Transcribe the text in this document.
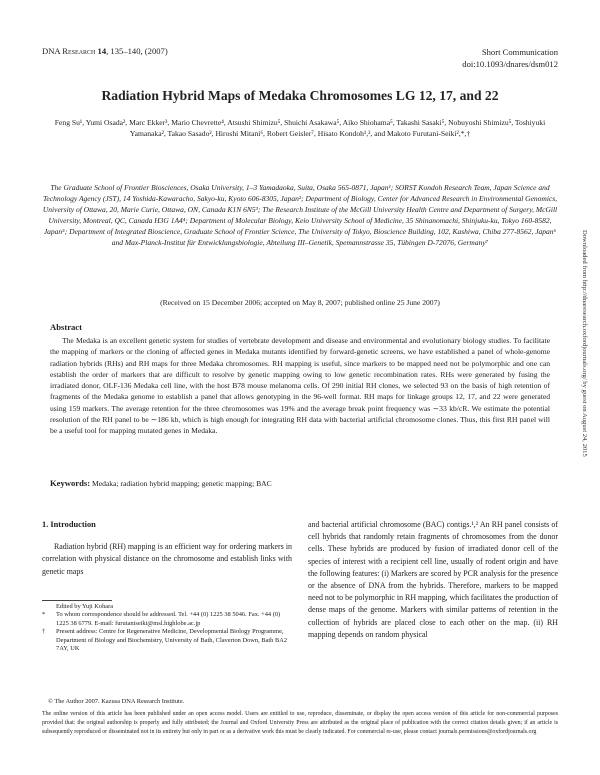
DNA Research 14, 135–140, (2007)	Short Communication
doi:10.1093/dnares/dsm012
Radiation Hybrid Maps of Medaka Chromosomes LG 12, 17, and 22
Feng Su¹, Yumi Osada², Marc Ekker³, Mario Chevrette⁴, Atsushi Shimizu⁵, Shuichi Asakawa⁵, Aiko Shiohama⁵, Takashi Sasaki⁵, Nobuyoshi Shimizu⁵, Toshiyuki Yamanaka², Takao Sasado², Hiroshi Mitani⁶, Robert Geisler⁷, Hisato Kondoh¹,², and Makoto Furutani-Seiki²,*,†
The Graduate School of Frontier Biosciences, Osaka University, 1–3 Yamadaoka, Suita, Osaka 565-0871, Japan¹; SORST Kondoh Research Team, Japan Science and Technology Agency (JST), 14 Yoshida-Kawaracho, Sakyo-ku, Kyoto 606-8305, Japan²; Department of Biology, Center for Advanced Research in Environmental Genomics, University of Ottawa, 20, Marie Curie, Ottawa, ON, Canada K1N 6N5³; The Research Institute of the McGill University Health Centre and Department of Surgery, McGill University, Montreal, QC, Canada H3G 1A4⁴; Department of Molecular Biology, Keio University School of Medicine, 35 Shinanomachi, Shinjuku-ku, Tokyo 160-8582, Japan⁵; Department of Integrated Bioscience, Graduate School of Frontier Science, The University of Tokyo, Bioscience Building, 102, Kashiwa, Chiba 277-8562, Japan⁶ and Max-Planck-Institut für Entwicklungsbiologie, Abteilung III–Genetik, Spemannstrasse 35, Tübingen D-72076, Germany⁷
(Received on 15 December 2006; accepted on May 8, 2007; published online 25 June 2007)
Abstract
The Medaka is an excellent genetic system for studies of vertebrate development and disease and environmental and evolutionary biology studies. To facilitate the mapping of markers or the cloning of affected genes in Medaka mutants identified by forward-genetic screens, we have established a panel of whole-genome radiation hybrids (RHs) and RH maps for three Medaka chromosomes. RH mapping is useful, since markers to be mapped need not be polymorphic and one can establish the order of markers that are difficult to resolve by genetic mapping owing to low genetic recombination rates. RHs were generated by fusing the irradiated donor, OLF-136 Medaka cell line, with the host B78 mouse melanoma cells. Of 290 initial RH clones, we selected 93 on the basis of high retention of fragments of the Medaka genome to establish a panel that allows genotyping in the 96-well format. RH maps for linkage groups 12, 17, and 22 were generated using 159 markers. The average retention for the three chromosomes was 19% and the average break point frequency was ∼33 kb/cR. We estimate the potential resolution of the RH panel to be ∼186 kb, which is high enough for integrating RH data with bacterial artificial chromosome clones. Thus, this first RH panel will be a useful tool for mapping mutated genes in Medaka.
Keywords: Medaka; radiation hybrid mapping; genetic mapping; BAC
1. Introduction

Radiation hybrid (RH) mapping is an efficient way for ordering markers in correlation with physical distance on the chromosome and establish links with genetic maps

and bacterial artificial chromosome (BAC) contigs.¹,² An RH panel consists of cell hybrids that randomly retain fragments of chromosomes from the donor cells. These hybrids are produced by fusion of irradiated donor cell of the species of interest with a recipient cell line, usually of rodent origin and have the following features: (i) Markers are scored by PCR analysis for the presence or the absence of DNA from the hybrids. Therefore, markers to be mapped need not to be polymorphic in RH mapping, which facilitates the production of dense maps of the genome. Markers with similar patterns of retention in the collection of hybrids are placed close to each other on the map. (ii) RH mapping depends on random physical

Edited by Yuji Kohara
* To whom correspondence should be addressed. Tel. +44 (0) 1225 38 5046. Fax. +44 (0) 1225 38 6779. E-mail: furutaniseiki@msl.highlobe.ac.jp
† Present address: Centre for Regenerative Medicine, Developmental Biology Programme, Department of Biology and Biochemistry, University of Bath, Claverton Down, Bath BA2 7AY, UK
© The Author 2007. Kazusa DNA Research Institute.
The online version of this article has been published under an open access model. Users are entitled to use, reproduce, disseminate, or display the open access version of this article for non-commercial purposes provided that: the original authorship is properly and fully attributed; the Journal and Oxford University Press are attributed as the original place of publication with the correct citation details given; if an article is subsequently reproduced or disseminated not in its entirety but only in part or as a derivative work this must be clearly indicated. For commercial re-use, please contact journals.permissions@oxfordjournals.org
Downloaded from http://dnaresearch.oxfordjournals.org/ by guest on August 24, 2015
